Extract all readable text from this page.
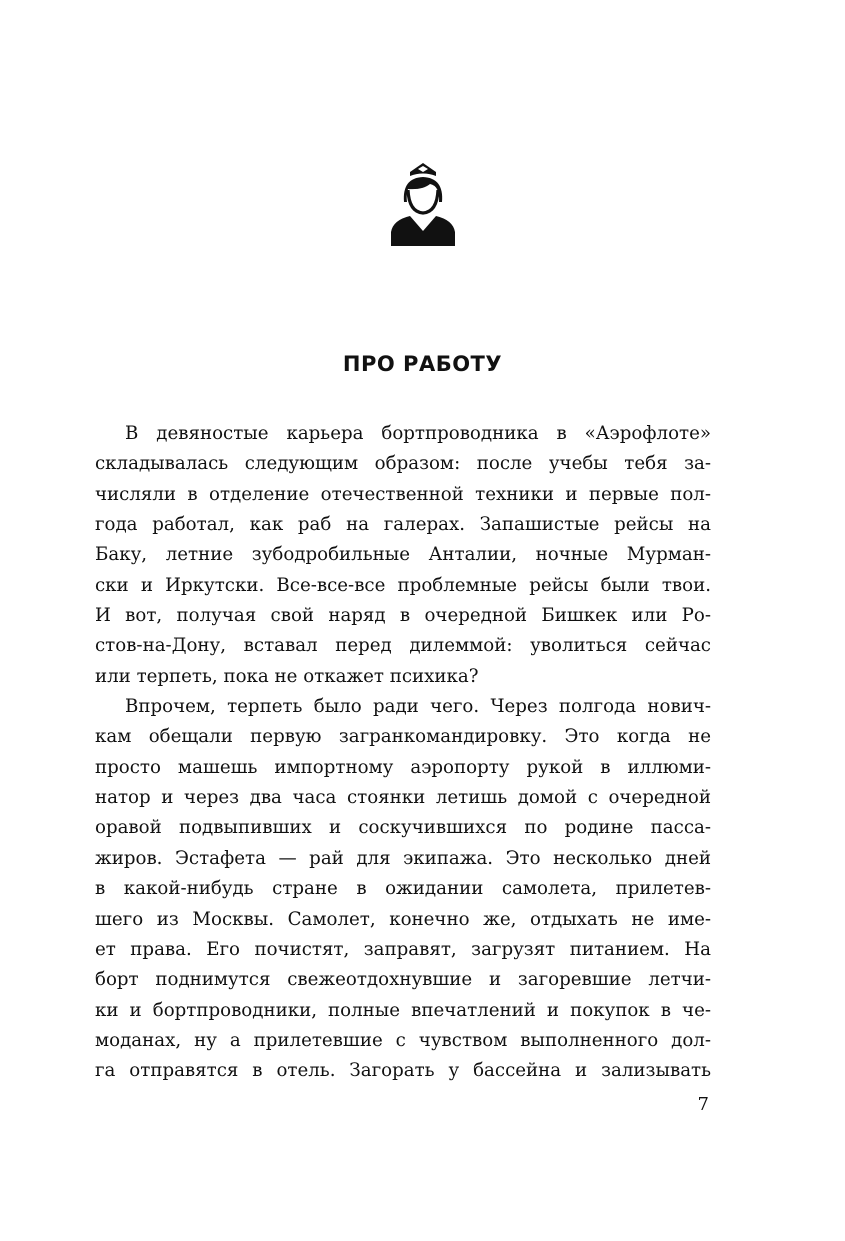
ПРО РАБОТУ
В девяностые карьера бортпроводника в «Аэрофлоте»
складывалась следующим образом: после учебы тебя за-
числяли в отделение отечественной техники и первые пол-
года работал, как раб на галерах. Запашистые рейсы на
Баку, летние зубодробильные Анталии, ночные Мурман-
ски и Иркутски. Все-все-все проблемные рейсы были твои.
И вот, получая свой наряд в очередной Бишкек или Ро-
стов-на-Дону, вставал перед дилеммой: уволиться сейчас
или терпеть, пока не откажет психика?
Впрочем, терпеть было ради чего. Через полгода нович-
кам обещали первую загранкомандировку. Это когда не
просто машешь импортному аэропорту рукой в иллюми-
натор и через два часа стоянки летишь домой с очередной
оравой подвыпивших и соскучившихся по родине пасса-
жиров. Эстафета — рай для экипажа. Это несколько дней
в какой-нибудь стране в ожидании самолета, прилетев-
шего из Москвы. Самолет, конечно же, отдыхать не име-
ет права. Его почистят, заправят, загрузят питанием. На
борт поднимутся свежеотдохнувшие и загоревшие летчи-
ки и бортпроводники, полные впечатлений и покупок в че-
моданах, ну а прилетевшие с чувством выполненного дол-
га отправятся в отель. Загорать у бассейна и зализывать
7
